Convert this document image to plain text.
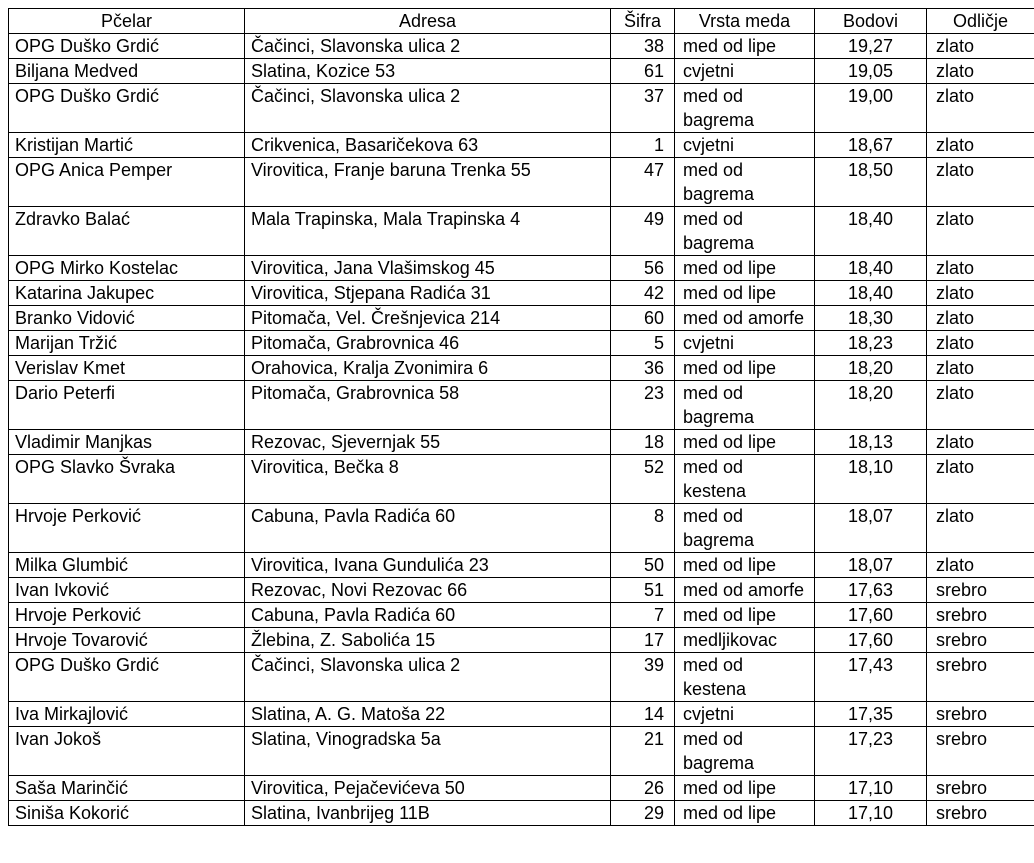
Pčelar	Adresa	Šifra	Vrsta meda	Bodovi	Odličje
OPG Duško Grdić	Čačinci, Slavonska ulica 2	38	med od lipe	19,27	zlato
Biljana Medved	Slatina, Kozice 53	61	cvjetni	19,05	zlato
OPG Duško Grdić	Čačinci, Slavonska ulica 2	37	med od bagrema	19,00	zlato
Kristijan Martić	Crikvenica, Basaričekova 63	1	cvjetni	18,67	zlato
OPG Anica Pemper	Virovitica, Franje baruna Trenka 55	47	med od bagrema	18,50	zlato
Zdravko Balać	Mala Trapinska, Mala Trapinska 4	49	med od bagrema	18,40	zlato
OPG Mirko Kostelac	Virovitica, Jana Vlašimskog 45	56	med od lipe	18,40	zlato
Katarina Jakupec	Virovitica, Stjepana Radića 31	42	med od lipe	18,40	zlato
Branko Vidović	Pitomača, Vel. Črešnjevica 214	60	med od amorfe	18,30	zlato
Marijan Tržić	Pitomača, Grabrovnica 46	5	cvjetni	18,23	zlato
Verislav Kmet	Orahovica, Kralja Zvonimira 6	36	med od lipe	18,20	zlato
Dario Peterfi	Pitomača, Grabrovnica 58	23	med od bagrema	18,20	zlato
Vladimir Manjkas	Rezovac, Sjevernjak 55	18	med od lipe	18,13	zlato
OPG Slavko Švraka	Virovitica, Bečka 8	52	med od kestena	18,10	zlato
Hrvoje Perković	Cabuna, Pavla Radića 60	8	med od bagrema	18,07	zlato
Milka Glumbić	Virovitica, Ivana Gundulića 23	50	med od lipe	18,07	zlato
Ivan Ivković	Rezovac, Novi Rezovac 66	51	med od amorfe	17,63	srebro
Hrvoje Perković	Cabuna, Pavla Radića 60	7	med od lipe	17,60	srebro
Hrvoje Tovarović	Žlebina, Z. Sabolića 15	17	medljikovac	17,60	srebro
OPG Duško Grdić	Čačinci, Slavonska ulica 2	39	med od kestena	17,43	srebro
Iva Mirkajlović	Slatina, A. G. Matoša 22	14	cvjetni	17,35	srebro
Ivan Jokoš	Slatina, Vinogradska 5a	21	med od bagrema	17,23	srebro
Saša Marinčić	Virovitica, Pejačevićeva 50	26	med od lipe	17,10	srebro
Siniša Kokorić	Slatina, Ivanbrijeg 11B	29	med od lipe	17,10	srebro
